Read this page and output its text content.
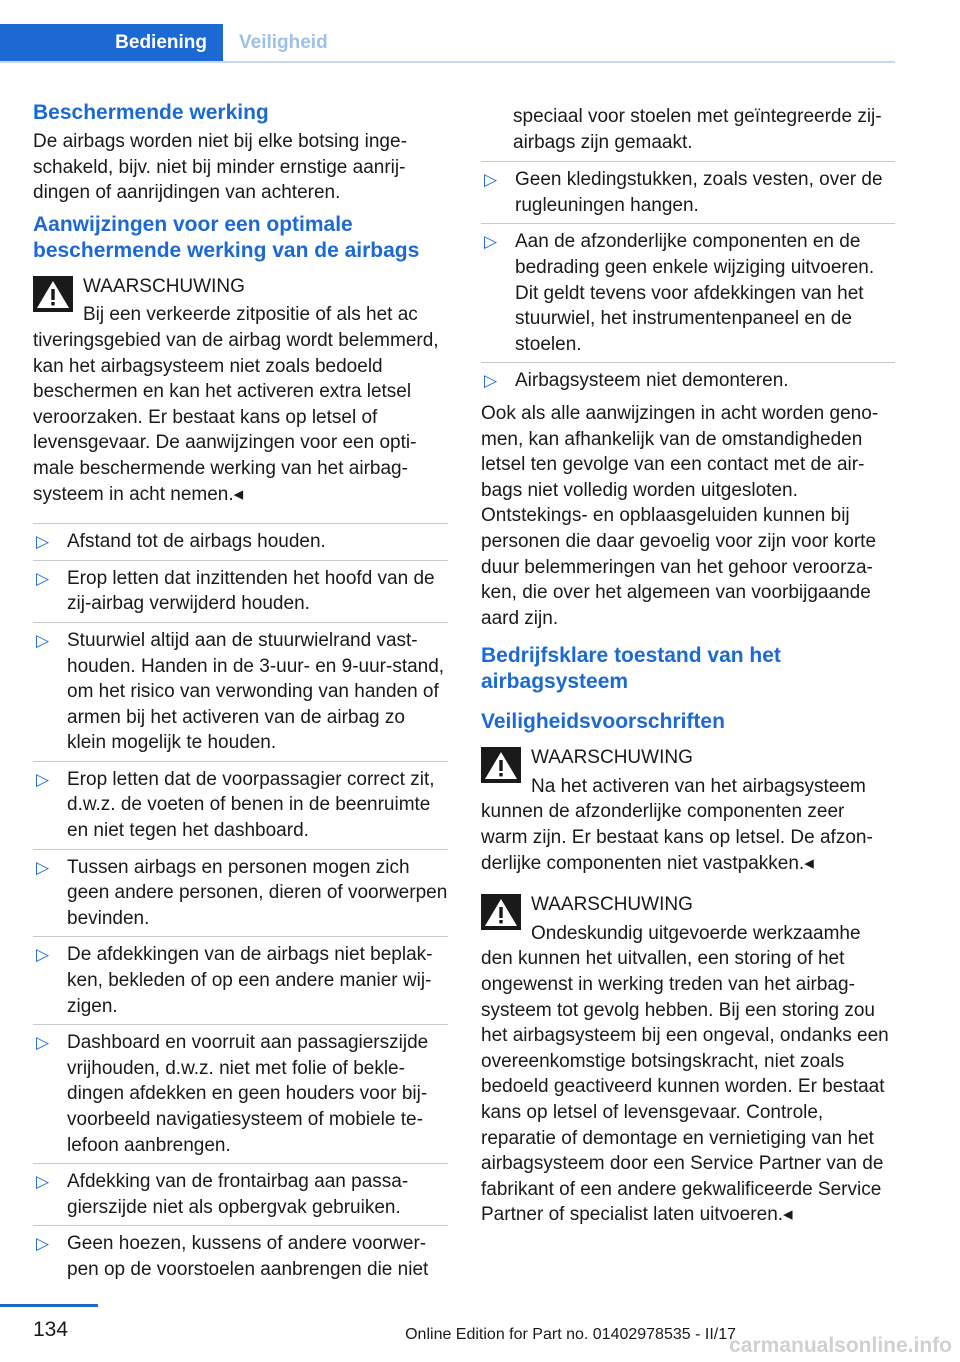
Bediening	Veiligheid
Beschermende werking

De airbags worden niet bij elke botsing ingeschakeld, bijv. niet bij minder ernstige aanrijdingen of aanrijdingen van achteren.

Aanwijzingen voor een optimale beschermende werking van de airbags
WAARSCHUWING
Bij een verkeerde zitpositie of als het ac
tiveringsgebied van de airbag wordt belemmerd, kan het airbagsysteem niet zoals bedoeld beschermen en kan het activeren extra letsel veroorzaken. Er bestaat kans op letsel of levensgevaar. De aanwijzingen voor een optimale beschermende werking van het airbagsysteem in acht nemen.◂
▷ Afstand tot de airbags houden.
▷ Erop letten dat inzittenden het hoofd van de zij-airbag verwijderd houden.
▷ Stuurwiel altijd aan de stuurwielrand vasthouden. Handen in de 3-uur- en 9-uur-stand, om het risico van verwonding van handen of armen bij het activeren van de airbag zo klein mogelijk te houden.
▷ Erop letten dat de voorpassagier correct zit, d.w.z. de voeten of benen in de beenruimte en niet tegen het dashboard.
▷ Tussen airbags en personen mogen zich geen andere personen, dieren of voorwerpen bevinden.
▷ De afdekkingen van de airbags niet beplakken, bekleden of op een andere manier wijzigen.
▷ Dashboard en voorruit aan passagierszijde vrijhouden, d.w.z. niet met folie of bekledingen afdekken en geen houders voor bijvoorbeeld navigatiesysteem of mobiele telefoon aanbrengen.
▷ Afdekking van de frontairbag aan passagierszijde niet als opbergvak gebruiken.
▷ Geen hoezen, kussens of andere voorwerpen op de voorstoelen aanbrengen die niet

speciaal voor stoelen met geïntegreerde zij-airbags zijn gemaakt.

▷ Geen kledingstukken, zoals vesten, over de rugleuningen hangen.
▷ Aan de afzonderlijke componenten en de bedrading geen enkele wijziging uitvoeren. Dit geldt tevens voor afdekkingen van het stuurwiel, het instrumentenpaneel en de stoelen.
▷ Airbagsysteem niet demonteren.

Ook als alle aanwijzingen in acht worden genomen, kan afhankelijk van de omstandigheden letsel ten gevolge van een contact met de airbags niet volledig worden uitgesloten.

Ontstekings- en opblaasgeluiden kunnen bij personen die daar gevoelig voor zijn voor korte duur belemmeringen van het gehoor veroorzaken, die over het algemeen van voorbijgaande aard zijn.

Bedrijfsklare toestand van het airbagsysteem
Veiligheidsvoorschriften
WAARSCHUWING
Na het activeren van het airbagsysteem
kunnen de afzonderlijke componenten zeer warm zijn. Er bestaat kans op letsel. De afzonderlijke componenten niet vastpakken.◂
WAARSCHUWING
Ondeskundig uitgevoerde werkzaamhe
den kunnen het uitvallen, een storing of het ongewenst in werking treden van het airbagsysteem tot gevolg hebben. Bij een storing zou het airbagsysteem bij een ongeval, ondanks een overeenkomstige botsingskracht, niet zoals bedoeld geactiveerd kunnen worden. Er bestaat kans op letsel of levensgevaar. Controle, reparatie of demontage en vernietiging van het airbagsysteem door een Service Partner van de fabrikant of een andere gekwalificeerde Service Partner of specialist laten uitvoeren.◂
134	Online Edition for Part no. 01402978535 - II/17
carmanualsonline.info
